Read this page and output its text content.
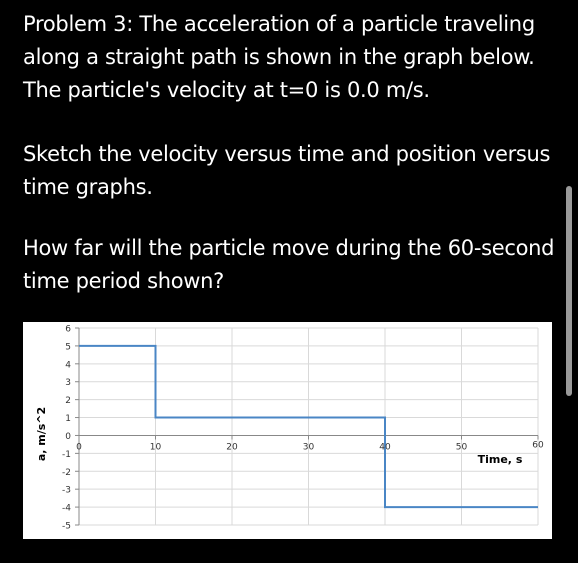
Problem 3: The acceleration of a particle traveling
along a straight path is shown in the graph below.
The particle's velocity at t=0 is 0.0 m/s.

Sketch the velocity versus time and position versus
time graphs.

How far will the particle move during the 60-second
time period shown?

6
5
4
3
2
1
0
-1
-2
-3
-4
-5
0	10	20	30	40	50	60
a, m/s^2	Time, s
